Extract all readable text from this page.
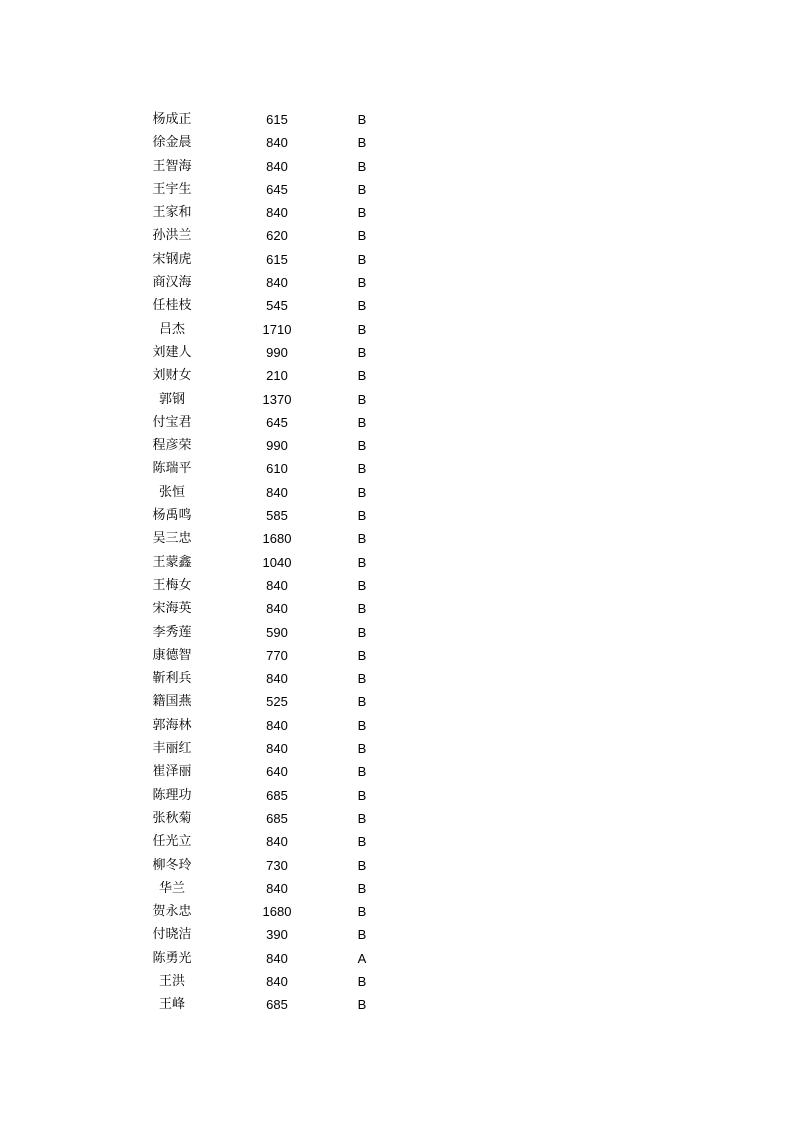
杨成正	615	B
徐金晨	840	B
王智海	840	B
王宇生	645	B
王家和	840	B
孙洪兰	620	B
宋钢虎	615	B
商汉海	840	B
任桂枝	545	B
吕杰	1710	B
刘建人	990	B
刘财女	210	B
郭钢	1370	B
付宝君	645	B
程彦荣	990	B
陈瑞平	610	B
张恒	840	B
杨禹鸣	585	B
吴三忠	1680	B
王蒙鑫	1040	B
王梅女	840	B
宋海英	840	B
李秀莲	590	B
康德智	770	B
靳利兵	840	B
籍国燕	525	B
郭海林	840	B
丰丽红	840	B
崔泽丽	640	B
陈理功	685	B
张秋菊	685	B
任光立	840	B
柳冬玲	730	B
华兰	840	B
贺永忠	1680	B
付晓洁	390	B
陈勇光	840	A
王洪	840	B
王峰	685	B
